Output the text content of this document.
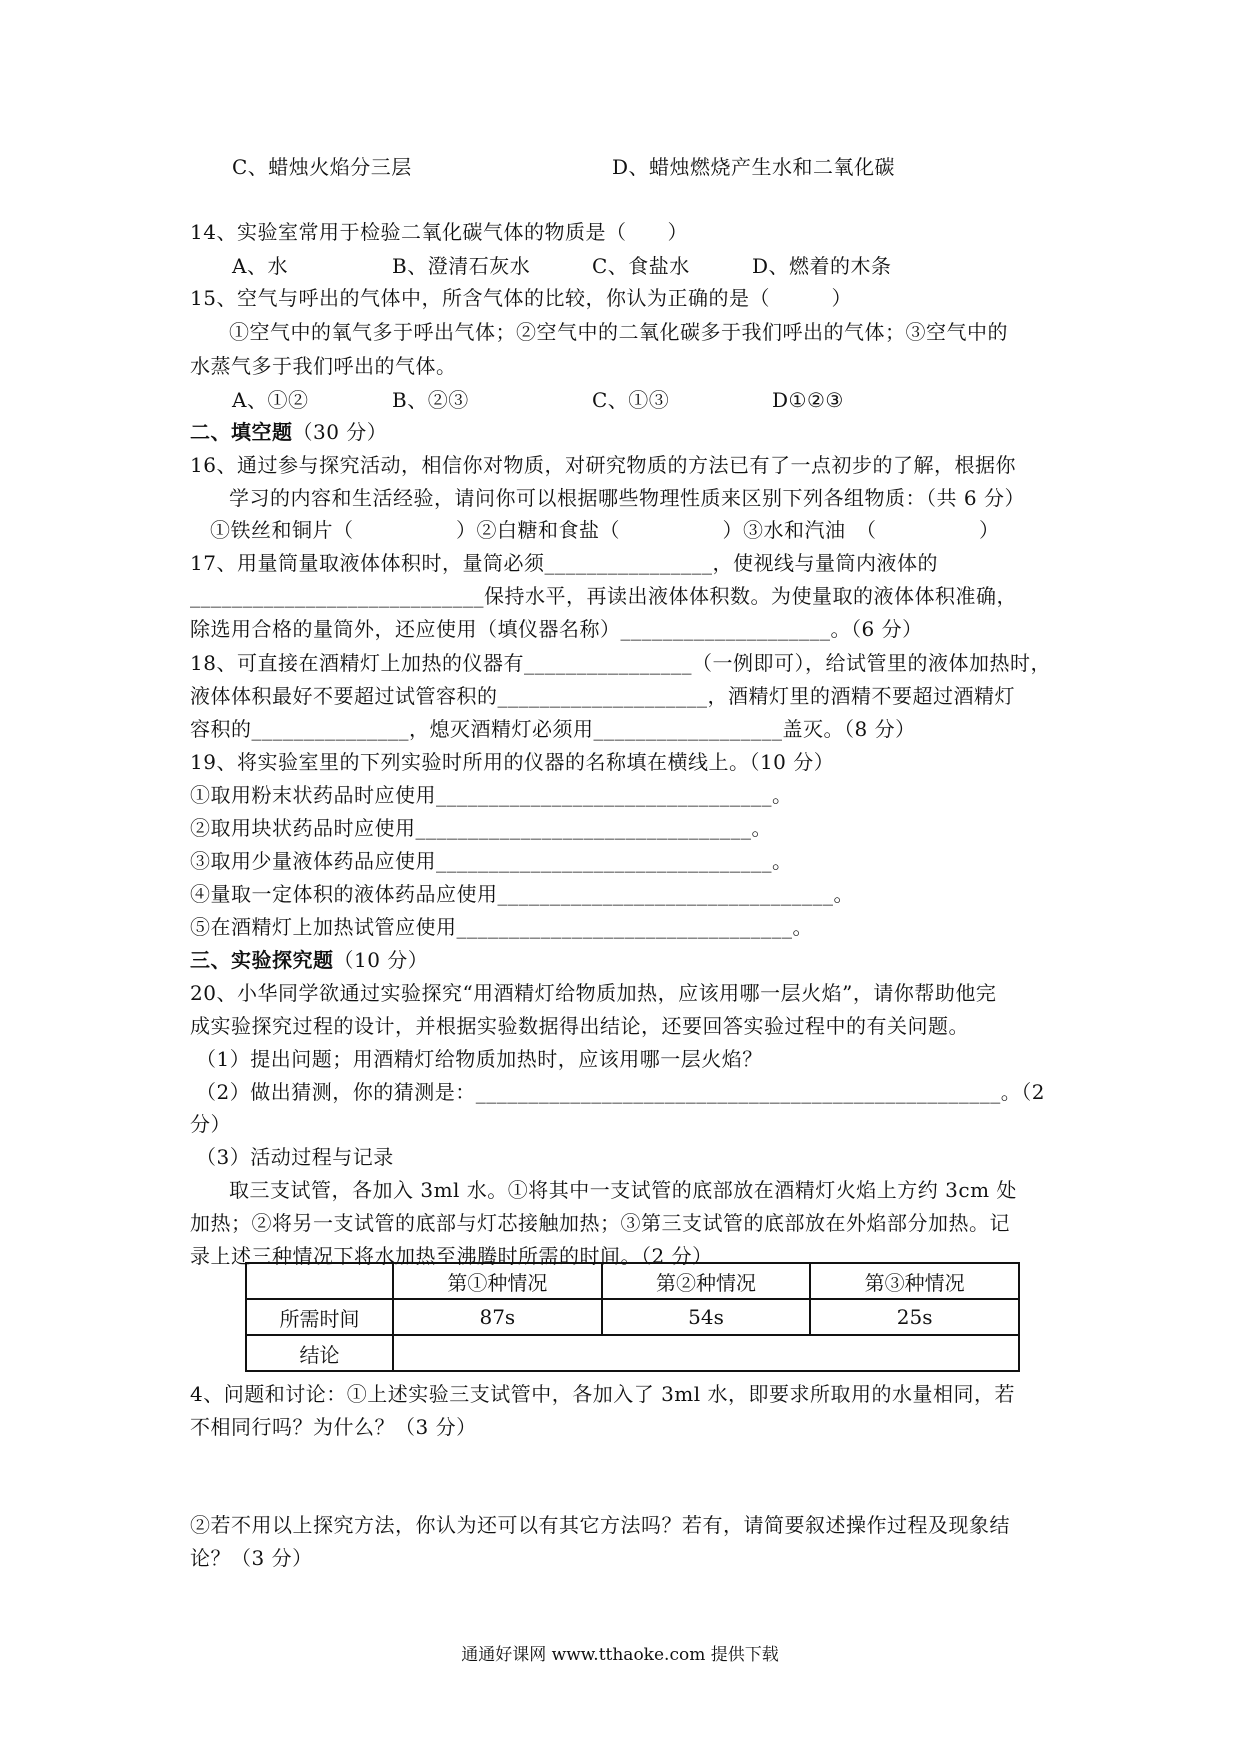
C、蜡烛火焰分三层	D、蜡烛燃烧产生水和二氧化碳
14、实验室常用于检验二氧化碳气体的物质是（　　）
A、水	B、澄清石灰水	C、食盐水	D、燃着的木条
15、空气与呼出的气体中，所含气体的比较，你认为正确的是（　　　）
①空气中的氧气多于呼出气体；②空气中的二氧化碳多于我们呼出的气体；③空气中的
水蒸气多于我们呼出的气体。
A、①②	B、②③	C、①③	D①②③
二、填空题（30 分）
16、通过参与探究活动，相信你对物质，对研究物质的方法已有了一点初步的了解，根据你
学习的内容和生活经验，请问你可以根据哪些物理性质来区别下列各组物质：（共 6 分）
①铁丝和铜片（　　　　　）②白糖和食盐（　　　　　）③水和汽油　（　　　　　）
17、用量筒量取液体体积时，量筒必须________________，使视线与量筒内液体的
____________________________保持水平，再读出液体体积数。为使量取的液体体积准确，
除选用合格的量筒外，还应使用（填仪器名称）____________________。（6 分）
18、可直接在酒精灯上加热的仪器有________________（一例即可），给试管里的液体加热时，
液体体积最好不要超过试管容积的____________________，酒精灯里的酒精不要超过酒精灯
容积的_______________，熄灭酒精灯必须用__________________盖灭。（8 分）
19、将实验室里的下列实验时所用的仪器的名称填在横线上。（10 分）
①取用粉末状药品时应使用________________________________。
②取用块状药品时应使用________________________________。
③取用少量液体药品应使用________________________________。
④量取一定体积的液体药品应使用________________________________。
⑤在酒精灯上加热试管应使用________________________________。
三、实验探究题（10 分）
20、小华同学欲通过实验探究“用酒精灯给物质加热，应该用哪一层火焰”，请你帮助他完
成实验探究过程的设计，并根据实验数据得出结论，还要回答实验过程中的有关问题。
（1）提出问题；用酒精灯给物质加热时，应该用哪一层火焰？
（2）做出猜测，你的猜测是：__________________________________________________。（2
分）
（3）活动过程与记录
取三支试管，各加入 3ml 水。①将其中一支试管的底部放在酒精灯火焰上方约 3cm 处
加热；②将另一支试管的底部与灯芯接触加热；③第三支试管的底部放在外焰部分加热。记
录上述三种情况下将水加热至沸腾时所需的时间。（2 分）
	第①种情况	第②种情况	第③种情况
所需时间	87s	54s	25s
结论			
4、问题和讨论：①上述实验三支试管中，各加入了 3ml 水，即要求所取用的水量相同，若
不相同行吗？为什么？（3 分）
②若不用以上探究方法，你认为还可以有其它方法吗？若有，请简要叙述操作过程及现象结
论？（3 分）
通通好课网 www.tthaoke.com 提供下载
